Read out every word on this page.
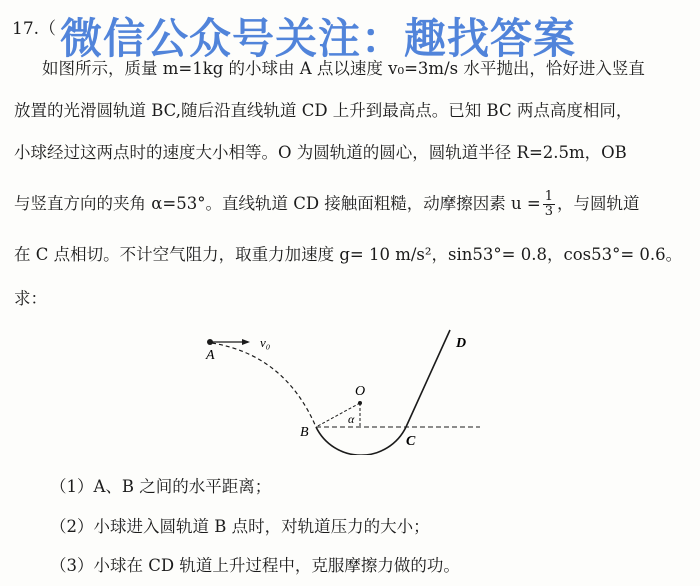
17.（ 微信公众号关注：趣找答案
如图所示，质量 m=1kg 的小球由 A 点以速度 v₀=3m/s 水平抛出，恰好进入竖直
放置的光滑圆轨道 BC,随后沿直线轨道 CD 上升到最高点。已知 BC 两点高度相同，
小球经过这两点时的速度大小相等。O 为圆轨道的圆心，圆轨道半径 R=2.5m，OB
与竖直方向的夹角 α=53°。直线轨道 CD 接触面粗糙，动摩擦因素 $u = \frac{1}{3}$ ，与圆轨道
在 C 点相切。不计空气阻力，取重力加速度 g= 10 m/s²，sin53°= 0.8，cos53°= 0.6。
求：
A
v₀
O
α
B
C
D
（1）A、B 之间的水平距离；
（2）小球进入圆轨道 B 点时，对轨道压力的大小；
（3）小球在 CD 轨道上升过程中，克服摩擦力做的功。
